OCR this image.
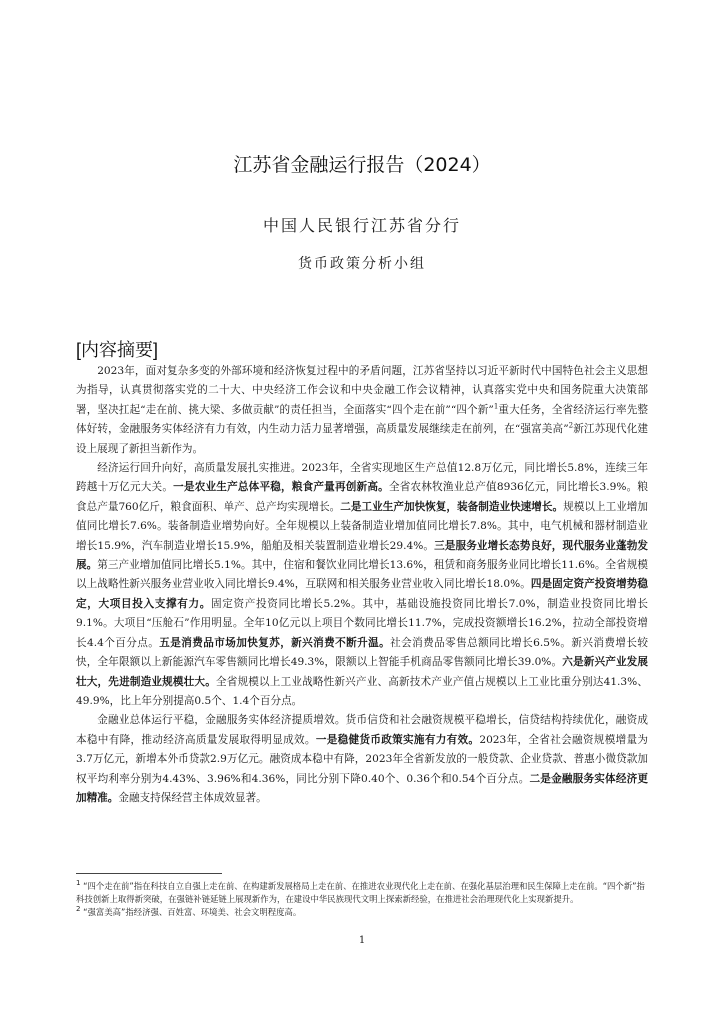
江苏省金融运行报告（2024）
中国人民银行江苏省分行
货币政策分析小组
[内容摘要]

2023年，面对复杂多变的外部环境和经济恢复过程中的矛盾问题，江苏省坚持以习近平新时代中国特色社会主义思想为指导，认真贯彻落实党的二十大、中央经济工作会议和中央金融工作会议精神，认真落实党中央和国务院重大决策部署，坚决扛起“走在前、挑大梁、多做贡献”的责任担当，全面落实“四个走在前”“四个新”$^1$重大任务，全省经济运行率先整体好转，金融服务实体经济有力有效，内生动力活力显著增强，高质量发展继续走在前列，在“强富美高”$^2$新江苏现代化建设上展现了新担当新作为。

经济运行回升向好，高质量发展扎实推进。2023年，全省实现地区生产总值12.8万亿元，同比增长5.8%，连续三年跨越十万亿元大关。一是农业生产总体平稳，粮食产量再创新高。全省农林牧渔业总产值8936亿元，同比增长3.9%。粮食总产量760亿斤，粮食面积、单产、总产均实现增长。二是工业生产加快恢复，装备制造业快速增长。规模以上工业增加值同比增长7.6%。装备制造业增势向好。全年规模以上装备制造业增加值同比增长7.8%。其中，电气机械和器材制造业增长15.9%，汽车制造业增长15.9%，船舶及相关装置制造业增长29.4%。三是服务业增长态势良好，现代服务业蓬勃发展。第三产业增加值同比增长5.1%。其中，住宿和餐饮业同比增长13.6%，租赁和商务服务业同比增长11.6%。全省规模以上战略性新兴服务业营业收入同比增长9.4%，互联网和相关服务业营业收入同比增长18.0%。四是固定资产投资增势稳定，大项目投入支撑有力。固定资产投资同比增长5.2%。其中，基础设施投资同比增长7.0%，制造业投资同比增长9.1%。大项目“压舱石”作用明显。全年10亿元以上项目个数同比增长11.7%，完成投资额增长16.2%，拉动全部投资增长4.4个百分点。五是消费品市场加快复苏，新兴消费不断升温。社会消费品零售总额同比增长6.5%。新兴消费增长较快，全年限额以上新能源汽车零售额同比增长49.3%，限额以上智能手机商品零售额同比增长39.0%。六是新兴产业发展壮大，先进制造业规模壮大。全省规模以上工业战略性新兴产业、高新技术产业产值占规模以上工业比重分别达41.3%、49.9%，比上年分别提高0.5个、1.4个百分点。

金融业总体运行平稳，金融服务实体经济提质增效。货币信贷和社会融资规模平稳增长，信贷结构持续优化，融资成本稳中有降，推动经济高质量发展取得明显成效。一是稳健货币政策实施有力有效。2023年，全省社会融资规模增量为3.7万亿元，新增本外币贷款2.9万亿元。融资成本稳中有降，2023年全省新发放的一般贷款、企业贷款、普惠小微贷款加权平均利率分别为4.43%、3.96%和4.36%，同比分别下降0.40个、0.36个和0.54个百分点。二是金融服务实体经济更加精准。金融支持保经营主体成效显著。

$^1$ “四个走在前”指在科技自立自强上走在前、在构建新发展格局上走在前、在推进农业现代化上走在前、在强化基层治理和民生保障上走在前。“四个新”指科技创新上取得新突破，在强链补链延链上展现新作为，在建设中华民族现代文明上探索新经验，在推进社会治理现代化上实现新提升。
$^2$ “强富美高”指经济强、百姓富、环境美、社会文明程度高。
1
